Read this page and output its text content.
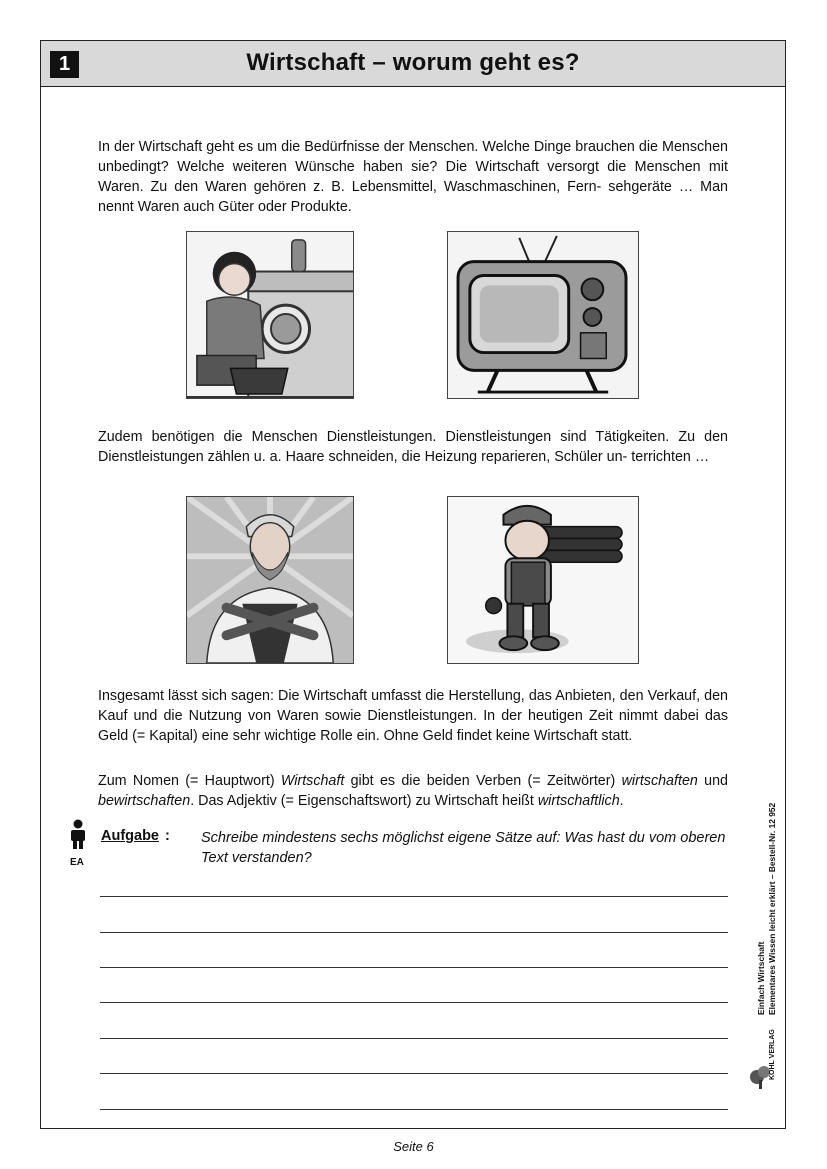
1	Wirtschaft – worum geht es?

In der Wirtschaft geht es um die Bedürfnisse der Menschen. Welche Dinge brauchen die Menschen unbedingt? Welche weiteren Wünsche haben sie? Die Wirtschaft versorgt die Menschen mit Waren. Zu den Waren gehören z. B. Lebensmittel, Waschmaschinen, Fern- sehgeräte … Man nennt Waren auch Güter oder Produkte.

Zudem benötigen die Menschen Dienstleistungen. Dienstleistungen sind Tätigkeiten. Zu den Dienstleistungen zählen u. a. Haare schneiden, die Heizung reparieren, Schüler un- terrichten …

Insgesamt lässt sich sagen: Die Wirtschaft umfasst die Herstellung, das Anbieten, den Verkauf, den Kauf und die Nutzung von Waren sowie Dienstleistungen. In der heutigen Zeit nimmt dabei das Geld (= Kapital) eine sehr wichtige Rolle ein. Ohne Geld findet keine Wirtschaft statt.

Zum Nomen (= Hauptwort) Wirtschaft gibt es die beiden Verben (= Zeitwörter) wirtschaften und bewirtschaften. Das Adjektiv (= Eigenschaftswort) zu Wirtschaft heißt wirtschaftlich.

EA
Aufgabe : Schreibe mindestens sechs möglichst eigene Sätze auf: Was hast du vom oberen Text verstanden?
Einfach Wirtschaft Elementares Wissen leicht erklärt – Bestell-Nr. 12 952
KOHL VERLAG
Seite 6
